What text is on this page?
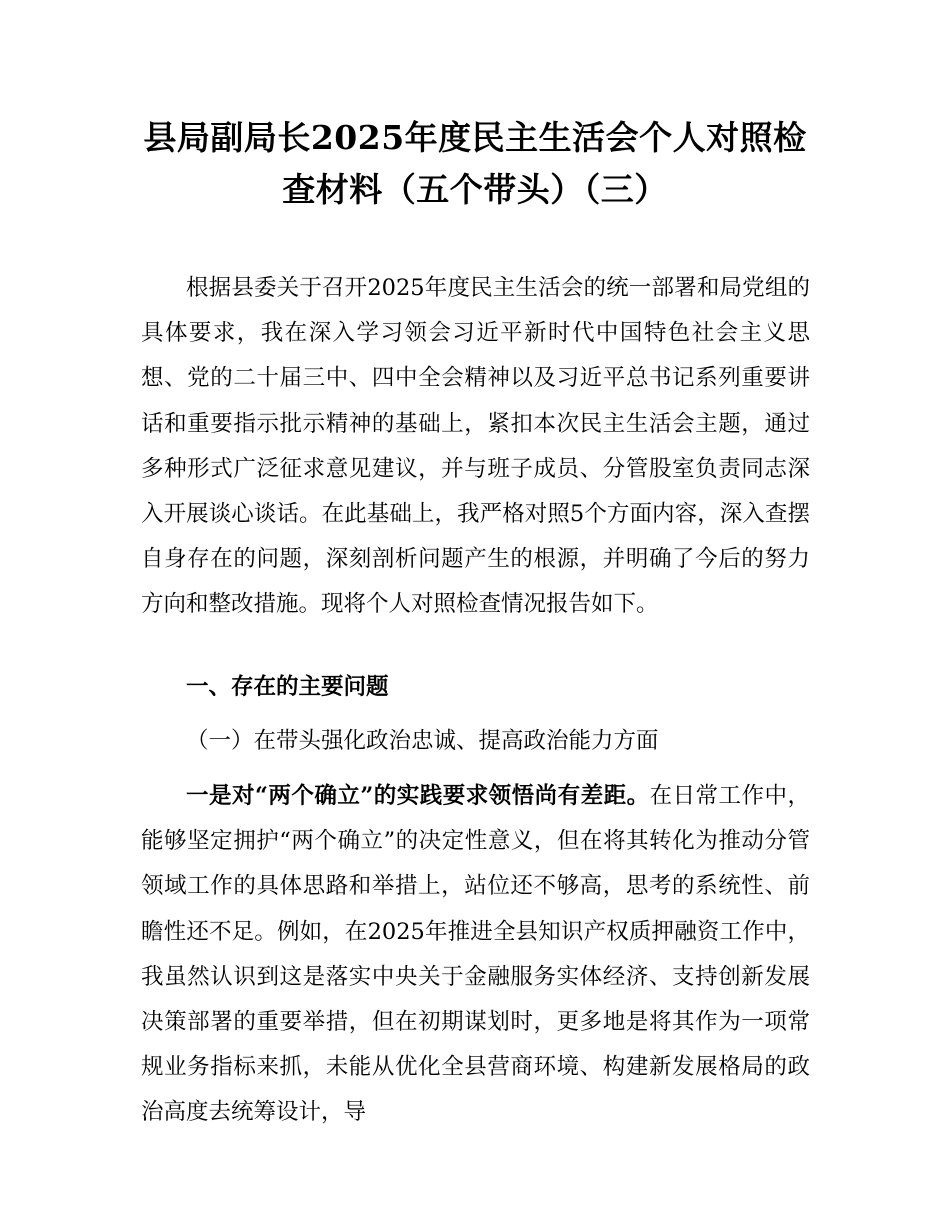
县局副局长2025年度民主生活会个人对照检
查材料（五个带头）（三）

根据县委关于召开2025年度民主生活会的统一部署和局党组的具体要求，我在深入学习领会习近平新时代中国特色社会主义思想、党的二十届三中、四中全会精神以及习近平总书记系列重要讲话和重要指示批示精神的基础上，紧扣本次民主生活会主题，通过多种形式广泛征求意见建议，并与班子成员、分管股室负责同志深入开展谈心谈话。在此基础上，我严格对照5个方面内容，深入查摆自身存在的问题，深刻剖析问题产生的根源，并明确了今后的努力方向和整改措施。现将个人对照检查情况报告如下。

一、存在的主要问题

（一）在带头强化政治忠诚、提高政治能力方面

一是对“两个确立”的实践要求领悟尚有差距。在日常工作中，能够坚定拥护“两个确立”的决定性意义，但在将其转化为推动分管领域工作的具体思路和举措上，站位还不够高，思考的系统性、前瞻性还不足。例如，在2025年推进全县知识产权质押融资工作中，我虽然认识到这是落实中央关于金融服务实体经济、支持创新发展决策部署的重要举措，但在初期谋划时，更多地是将其作为一项常规业务指标来抓，未能从优化全县营商环境、构建新发展格局的政治高度去统筹设计，导
